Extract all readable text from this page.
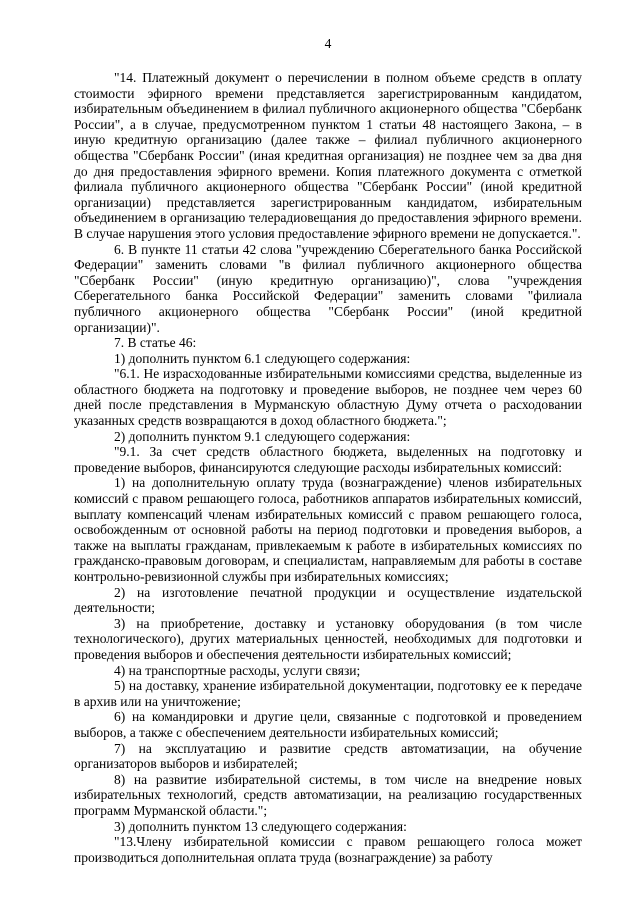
4

"14. Платежный документ о перечислении в полном объеме средств в оплату стоимости эфирного времени представляется зарегистрированным кандидатом, избирательным объединением в филиал публичного акционерного общества "Сбербанк России", а в случае, предусмотренном пунктом 1 статьи 48 настоящего Закона, – в иную кредитную организацию (далее также – филиал публичного акционерного общества "Сбербанк России" (иная кредитная организация) не позднее чем за два дня до дня предоставления эфирного времени. Копия платежного документа с отметкой филиала публичного акционерного общества "Сбербанк России" (иной кредитной организации) представляется зарегистрированным кандидатом, избирательным объединением в организацию телерадиовещания до предоставления эфирного времени. В случае нарушения этого условия предоставление эфирного времени не допускается.".

6. В пункте 11 статьи 42 слова "учреждению Сберегательного банка Российской Федерации" заменить словами "в филиал публичного акционерного общества "Сбербанк России" (иную кредитную организацию)", слова "учреждения Сберегательного банка Российской Федерации" заменить словами "филиала публичного акционерного общества "Сбербанк России" (иной кредитной организации)".

7. В статье 46:

1) дополнить пунктом 6.1 следующего содержания:

"6.1. Не израсходованные избирательными комиссиями средства, выделенные из областного бюджета на подготовку и проведение выборов, не позднее чем через 60 дней после представления в Мурманскую областную Думу отчета о расходовании указанных средств возвращаются в доход областного бюджета.";

2) дополнить пунктом 9.1 следующего содержания:

"9.1. За счет средств областного бюджета, выделенных на подготовку и проведение выборов, финансируются следующие расходы избирательных комиссий:

1) на дополнительную оплату труда (вознаграждение) членов избирательных комиссий с правом решающего голоса, работников аппаратов избирательных комиссий, выплату компенсаций членам избирательных комиссий с правом решающего голоса, освобожденным от основной работы на период подготовки и проведения выборов, а также на выплаты гражданам, привлекаемым к работе в избирательных комиссиях по гражданско-правовым договорам, и специалистам, направляемым для работы в составе контрольно-ревизионной службы при избирательных комиссиях;

2) на изготовление печатной продукции и осуществление издательской деятельности;

3) на приобретение, доставку и установку оборудования (в том числе технологического), других материальных ценностей, необходимых для подготовки и проведения выборов и обеспечения деятельности избирательных комиссий;

4) на транспортные расходы, услуги связи;

5) на доставку, хранение избирательной документации, подготовку ее к передаче в архив или на уничтожение;

6) на командировки и другие цели, связанные с подготовкой и проведением выборов, а также с обеспечением деятельности избирательных комиссий;

7) на эксплуатацию и развитие средств автоматизации, на обучение организаторов выборов и избирателей;

8) на развитие избирательной системы, в том числе на внедрение новых избирательных технологий, средств автоматизации, на реализацию государственных программ Мурманской области.";

3) дополнить пунктом 13 следующего содержания:

"13.Члену избирательной комиссии с правом решающего голоса может производиться дополнительная оплата труда (вознаграждение) за работу
